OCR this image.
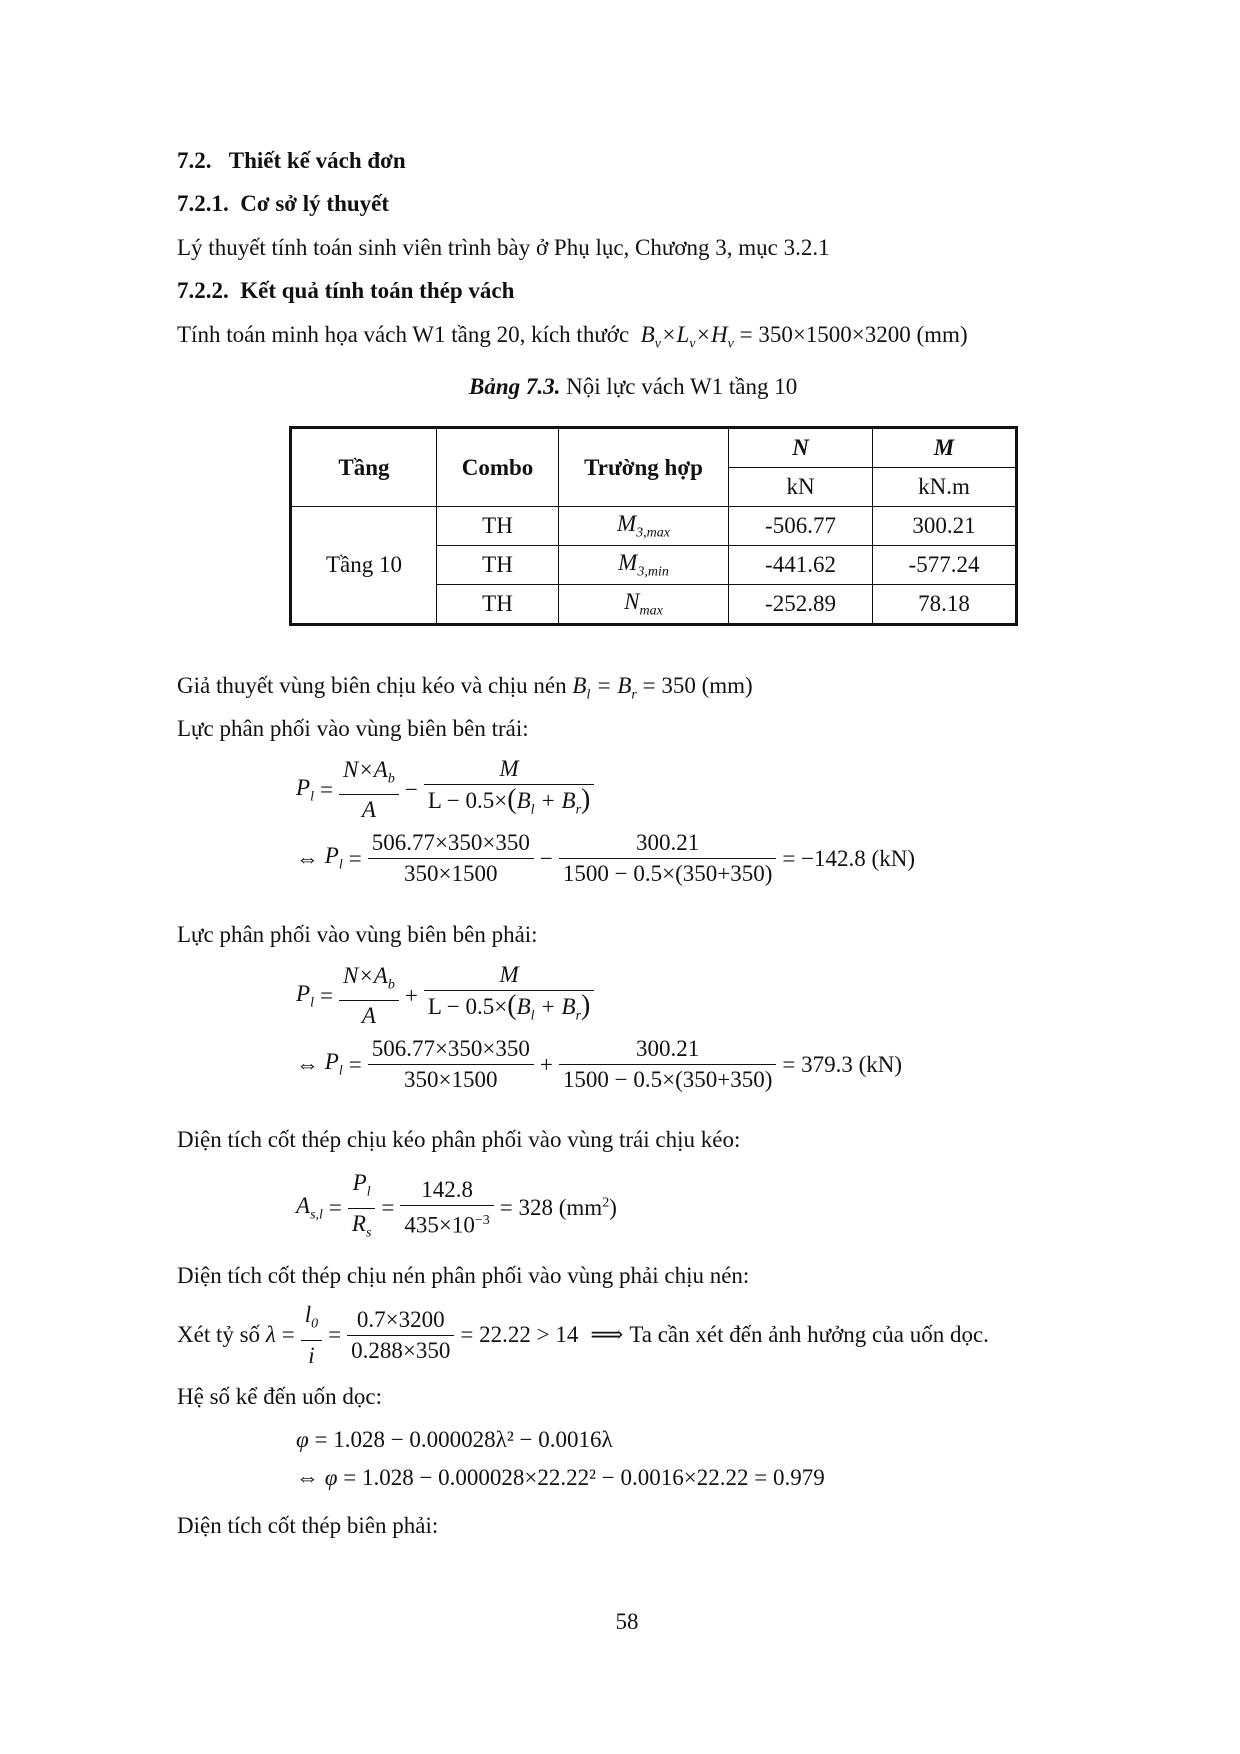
7.2. Thiết kế vách đơn
7.2.1. Cơ sở lý thuyết
Lý thuyết tính toán sinh viên trình bày ở Phụ lục, Chương 3, mục 3.2.1
7.2.2. Kết quả tính toán thép vách
Tính toán minh họa vách W1 tầng 20, kích thước  $B_v\times L_v\times H_v = 350\times 1500\times 3200$ (mm)
Bảng 7.3. Nội lực vách W1 tầng 10
Tầng	Combo	Trường hợp	N	M
			kN	kN.m
Tầng 10	TH	$M_{3,max}$	-506.77	300.21
	TH	$M_{3,min}$	-441.62	-577.24
	TH	$N_{max}$	-252.89	78.18
Giả thuyết vùng biên chịu kéo và chịu nén $B_l = B_r = 350$ (mm)
Lực phân phối vào vùng biên bên trái:
$P_l = \frac{N\times A_b}{A} - \frac{M}{L - 0.5\times(B_l + B_r)}$
⇔
$P_l = \frac{506.77\times 350\times 350}{350\times 1500} - \frac{300.21}{1500 - 0.5\times(350+350)} = -142.8$ (kN)
Lực phân phối vào vùng biên bên phải:
$P_l = \frac{N\times A_b}{A} + \frac{M}{L - 0.5\times(B_l + B_r)}$
⇔
$P_l = \frac{506.77\times 350\times 350}{350\times 1500} + \frac{300.21}{1500 - 0.5\times(350+350)} = 379.3$ (kN)
Diện tích cốt thép chịu kéo phân phối vào vùng trái chịu kéo:
$A_{s,l} = \frac{P_l}{R_s} = \frac{142.8}{435\times 10^{-3}} = 328$ $(mm^2)$
Diện tích cốt thép chịu nén phân phối vào vùng phải chịu nén:
Xét tỷ số
$\lambda = \frac{l_0}{i} = \frac{0.7\times 3200}{0.288\times 350} = 22.22 > 14$ ⟹ Ta cần xét đến ảnh hưởng của uốn dọc.
Hệ số kể đến uốn dọc:
φ = 1.028 − 0.000028λ² − 0.0016λ
⇔ φ = 1.028 − 0.000028×22.22² − 0.0016×22.22 = 0.979
Diện tích cốt thép biên phải:
58
